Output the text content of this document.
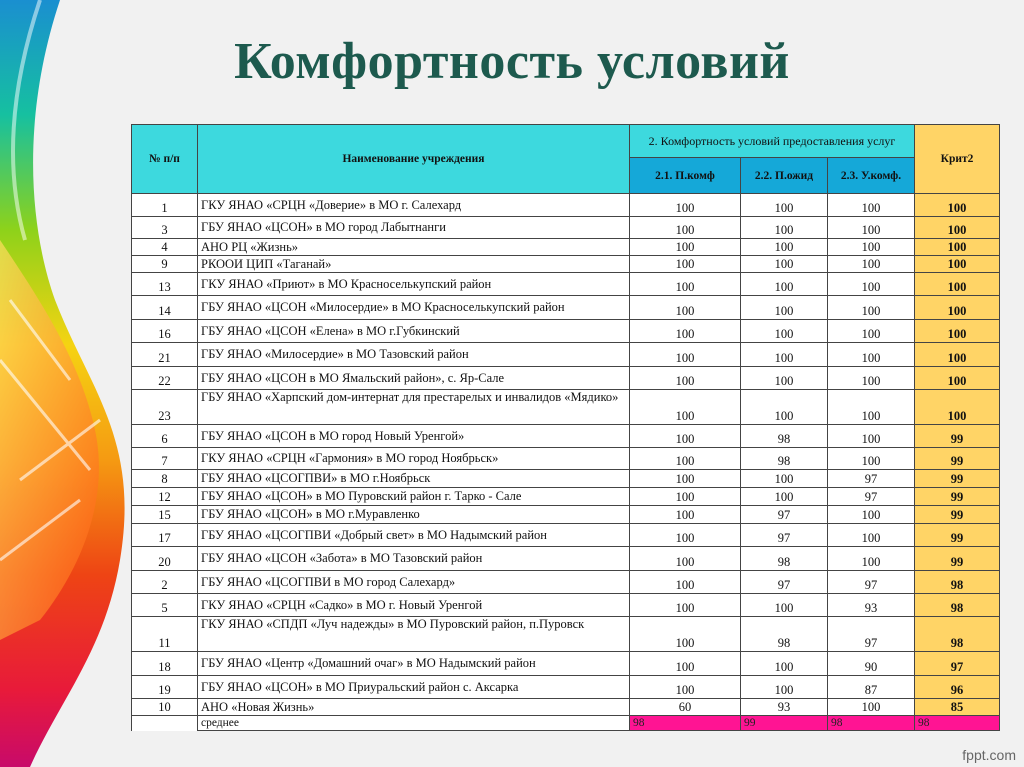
Комфортность условий
№ п/п	Наименование учреждения	2. Комфортность условий предоставления услуг			Крит2
		2.1. П.комф	2.2. П.ожид	2.3. У.комф.	
1	ГКУ ЯНАО «СРЦН «Доверие» в МО г. Салехард	100	100	100	100
3	ГБУ ЯНАО «ЦСОН» в МО город Лабытнанги	100	100	100	100
4	АНО РЦ «Жизнь»	100	100	100	100
9	РКООИ ЦИП «Таганай»	100	100	100	100
13	ГКУ ЯНАО «Приют» в МО Красноселькупский район	100	100	100	100
14	ГБУ ЯНАО «ЦСОН «Милосердие» в МО Красноселькупский район	100	100	100	100
16	ГБУ ЯНАО «ЦСОН «Елена» в МО г.Губкинский	100	100	100	100
21	ГБУ ЯНАО «Милосердие» в МО Тазовский район	100	100	100	100
22	ГБУ ЯНАО «ЦСОН в МО Ямальский район», с. Яр-Сале	100	100	100	100
23	ГБУ ЯНАО «Харпский дом-интернат для престарелых и инвалидов «Мядико»	100	100	100	100
6	ГБУ ЯНАО «ЦСОН в МО город Новый Уренгой»	100	98	100	99
7	ГКУ ЯНАО «СРЦН «Гармония» в МО город Ноябрьск»	100	98	100	99
8	ГБУ ЯНАО «ЦСОГПВИ» в МО г.Ноябрьск	100	100	97	99
12	ГБУ ЯНАО «ЦСОН» в МО Пуровский район г. Тарко - Сале	100	100	97	99
15	ГБУ ЯНАО «ЦСОН» в МО г.Муравленко	100	97	100	99
17	ГБУ ЯНАО «ЦСОГПВИ «Добрый свет» в МО Надымский район	100	97	100	99
20	ГБУ ЯНАО «ЦСОН «Забота» в МО Тазовский район	100	98	100	99
2	ГБУ ЯНАО «ЦСОГПВИ в МО город Салехард»	100	97	97	98
5	ГКУ ЯНАО «СРЦН «Садко» в МО г. Новый Уренгой	100	100	93	98
11	ГКУ ЯНАО «СПДП «Луч надежды» в МО Пуровский район, п.Пуровск	100	98	97	98
18	ГБУ ЯНАО «Центр «Домашний очаг» в МО Надымский район	100	100	90	97
19	ГБУ ЯНАО «ЦСОН» в МО Приуральский район с. Аксарка	100	100	87	96
10	АНО «Новая Жизнь»	60	93	100	85
	среднее	98	99	98	98
fppt.com
